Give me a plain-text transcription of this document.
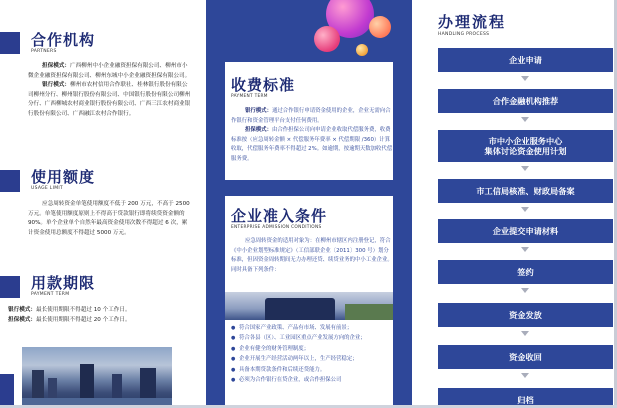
合作机构
PARTNERS
担保模式：广西柳州中小企业融资担保有限公司、柳州市小微企业融资担保有限公司、柳州东城中小企业融资担保有限公司。
银行模式：柳州市农村信用合作联社、桂林银行股份有限公司柳州分行、柳州银行股份有限公司、中国银行股份有限公司柳州分行、广西柳城农村商业银行股份有限公司、广西三江农村商业银行股份有限公司、广西融江农村合作银行。
使用额度
USAGE LIMIT
应急周转资金单笔使用额度不低于 200 万元，不高于 2500 万元。单笔使用额度原则上不得高于贷款银行即将续贷资金额的 90%。单个企业单个自然年最高资金使用次数不得超过 6 次，累计资金使用总额度不得超过 5000 万元。
用款期限
PAYMENT TERM
银行模式：最长使用期限不得超过 10 个工作日。
担保模式：最长使用期限不得超过 20 个工作日。
收费标准
PAYMENT TERM
银行模式：通过合作银行申请资金使用的企业，企业无需向合作银行和资金管理平台支付任何费用。
担保模式：由合作担保公司向申请企业收取代偿服务费，收费标准按（应急周转金额 × 代偿服务年费率 × 代偿期限 /360）计算收取，代偿服务年费率不得超过 2%。如逾期，按逾期天数加收代偿服务费。
企业准入条件
ENTERPRISE ADMISSION CONDITIONS
应急周转资金的适用对象为：在柳州市辖区内注册登记，符合《中小企业划型标准规定》（工信部联企业〔2011〕300 号）划分标准，但因资金周转期间无力办理还贷、续贷业务的中小工业企业。同时具备下列条件：
● 符合国家产业政策、产品有市场、发展有前景；
● 符合各县（区）、工业园区重点产业发展方向的企业；
● 企业有健全的财务管理制度；
● 企业开展生产经营活动两年以上，生产经营稳定；
● 具备本期贷款条件和后续还贷能力。
● 必须为合作银行在贷企业，或合作担保公司
办理流程
HANDLING PROCESS
企业申请
合作金融机构推荐
市中小企业服务中心
集体讨论资金使用计划
市工信局核准、财政局备案
企业提交申请材料
签约
资金发放
资金收回
归档
